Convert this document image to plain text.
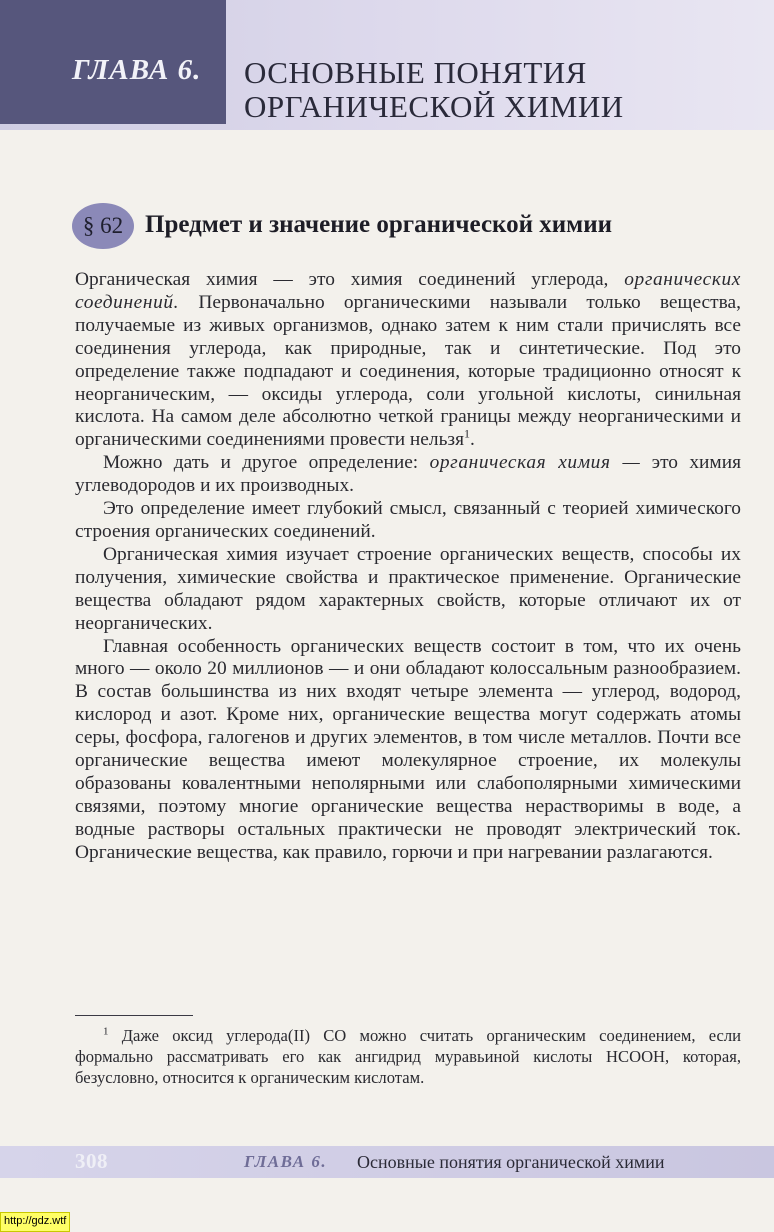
ГЛАВА 6. ОСНОВНЫЕ ПОНЯТИЯ
ОРГАНИЧЕСКОЙ ХИМИИ
§ 62 Предмет и значение органической химии

Органическая химия — это химия соединений углерода, органических соединений. Первоначально органическими называли только вещества, получаемые из живых организмов, однако затем к ним стали причислять все соединения углерода, как природные, так и синтетические. Под это определение также подпадают и соединения, которые традиционно относят к неорганическим, — оксиды углерода, соли угольной кислоты, синильная кислота. На самом деле абсолютно четкой границы между неорганическими и органическими соединениями провести нельзя$^1$.

Можно дать и другое определение: органическая химия — это химия углеводородов и их производных.

Это определение имеет глубокий смысл, связанный с теорией химического строения органических соединений.

Органическая химия изучает строение органических веществ, способы их получения, химические свойства и практическое применение. Органические вещества обладают рядом характерных свойств, которые отличают их от неорганических.

Главная особенность органических веществ состоит в том, что их очень много — около 20 миллионов — и они обладают колоссальным разнообразием. В состав большинства из них входят четыре элемента — углерод, водород, кислород и азот. Кроме них, органические вещества могут содержать атомы серы, фосфора, галогенов и других элементов, в том числе металлов. Почти все органические вещества имеют молекулярное строение, их молекулы образованы ковалентными неполярными или слабополярными химическими связями, поэтому многие органические вещества нерастворимы в воде, а водные растворы остальных практически не проводят электрический ток. Органические вещества, как правило, горючи и при нагревании разлагаются.

$^1$ Даже оксид углерода(II) CO можно считать органическим соединением, если формально рассматривать его как ангидрид муравьиной кислоты HCOOH, которая, безусловно, относится к органическим кислотам.
308	ГЛАВА 6. Основные понятия органической химии
http://gdz.wtf
